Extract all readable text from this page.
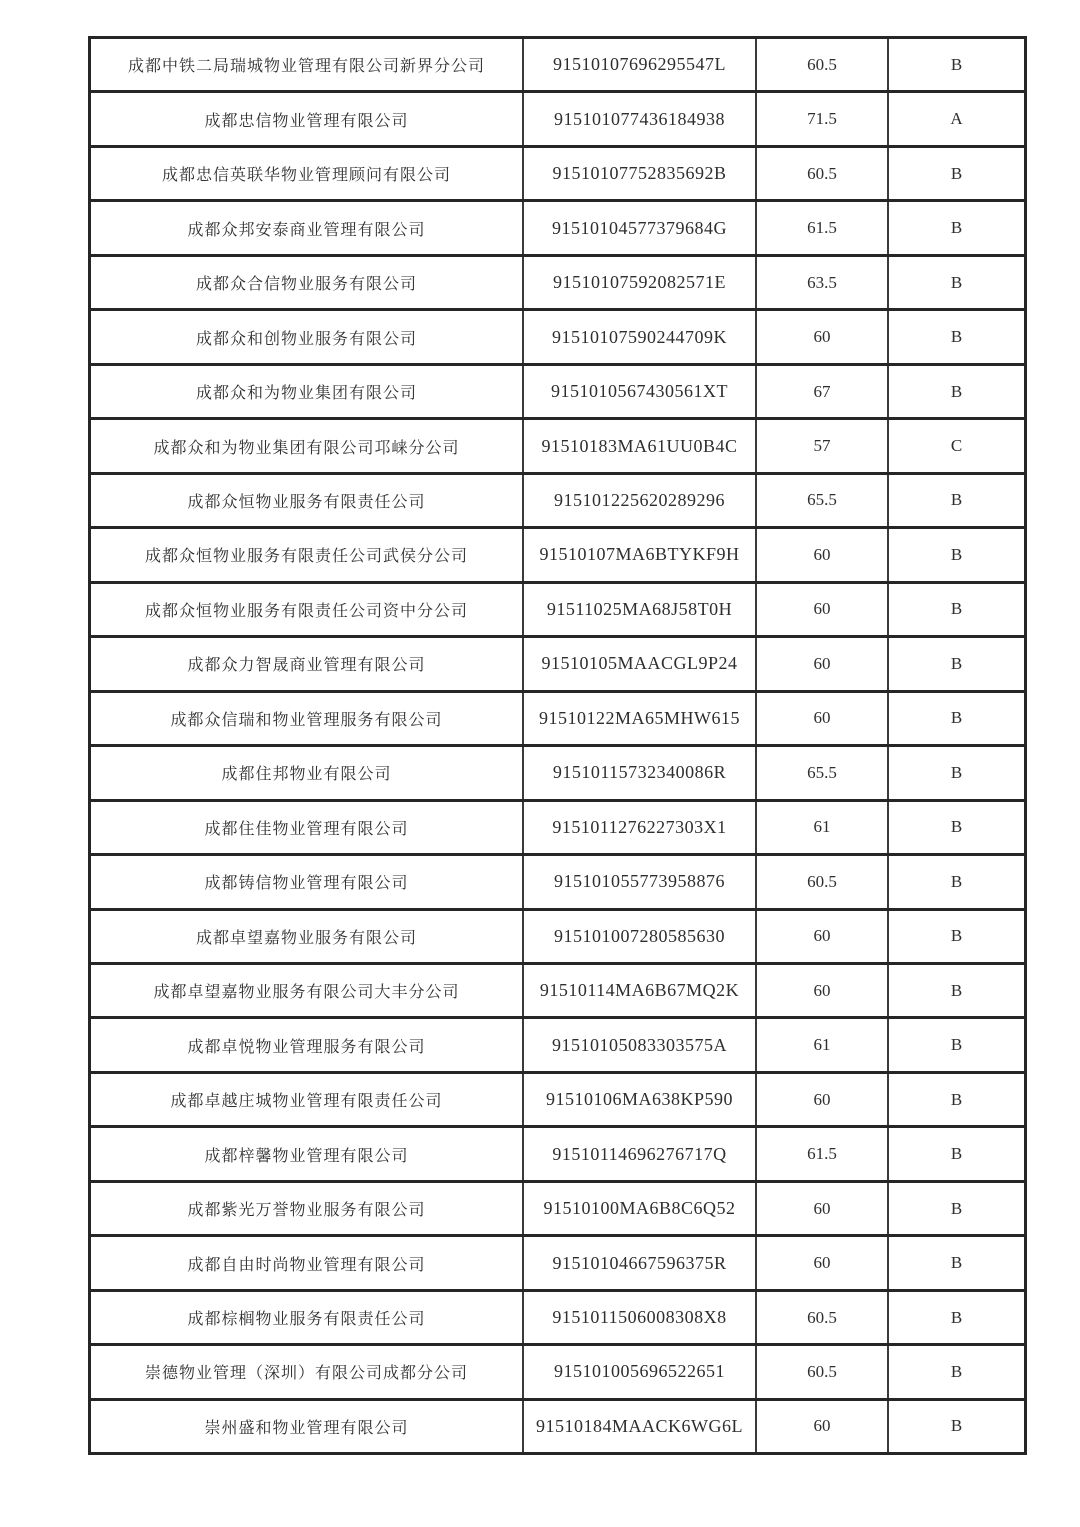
成都中铁二局瑞城物业管理有限公司新界分公司	91510107696295547L	60.5	B
成都忠信物业管理有限公司	915101077436184938	71.5	A
成都忠信英联华物业管理顾问有限公司	91510107752835692B	60.5	B
成都众邦安泰商业管理有限公司	91510104577379684G	61.5	B
成都众合信物业服务有限公司	91510107592082571E	63.5	B
成都众和创物业服务有限公司	91510107590244709K	60	B
成都众和为物业集团有限公司	9151010567430561XT	67	B
成都众和为物业集团有限公司邛崃分公司	91510183MA61UU0B4C	57	C
成都众恒物业服务有限责任公司	915101225620289296	65.5	B
成都众恒物业服务有限责任公司武侯分公司	91510107MA6BTYKF9H	60	B
成都众恒物业服务有限责任公司资中分公司	91511025MA68J58T0H	60	B
成都众力智晟商业管理有限公司	91510105MAACGL9P24	60	B
成都众信瑞和物业管理服务有限公司	91510122MA65MHW615	60	B
成都住邦物业有限公司	91510115732340086R	65.5	B
成都住佳物业管理有限公司	9151011276227303X1	61	B
成都铸信物业管理有限公司	915101055773958876	60.5	B
成都卓望嘉物业服务有限公司	915101007280585630	60	B
成都卓望嘉物业服务有限公司大丰分公司	91510114MA6B67MQ2K	60	B
成都卓悦物业管理服务有限公司	91510105083303575A	61	B
成都卓越庄城物业管理有限责任公司	91510106MA638KP590	60	B
成都梓馨物业管理有限公司	91510114696276717Q	61.5	B
成都紫光万誉物业服务有限公司	91510100MA6B8C6Q52	60	B
成都自由时尚物业管理有限公司	91510104667596375R	60	B
成都棕榈物业服务有限责任公司	9151011506008308X8	60.5	B
崇德物业管理（深圳）有限公司成都分公司	915101005696522651	60.5	B
崇州盛和物业管理有限公司	91510184MAACK6WG6L	60	B
